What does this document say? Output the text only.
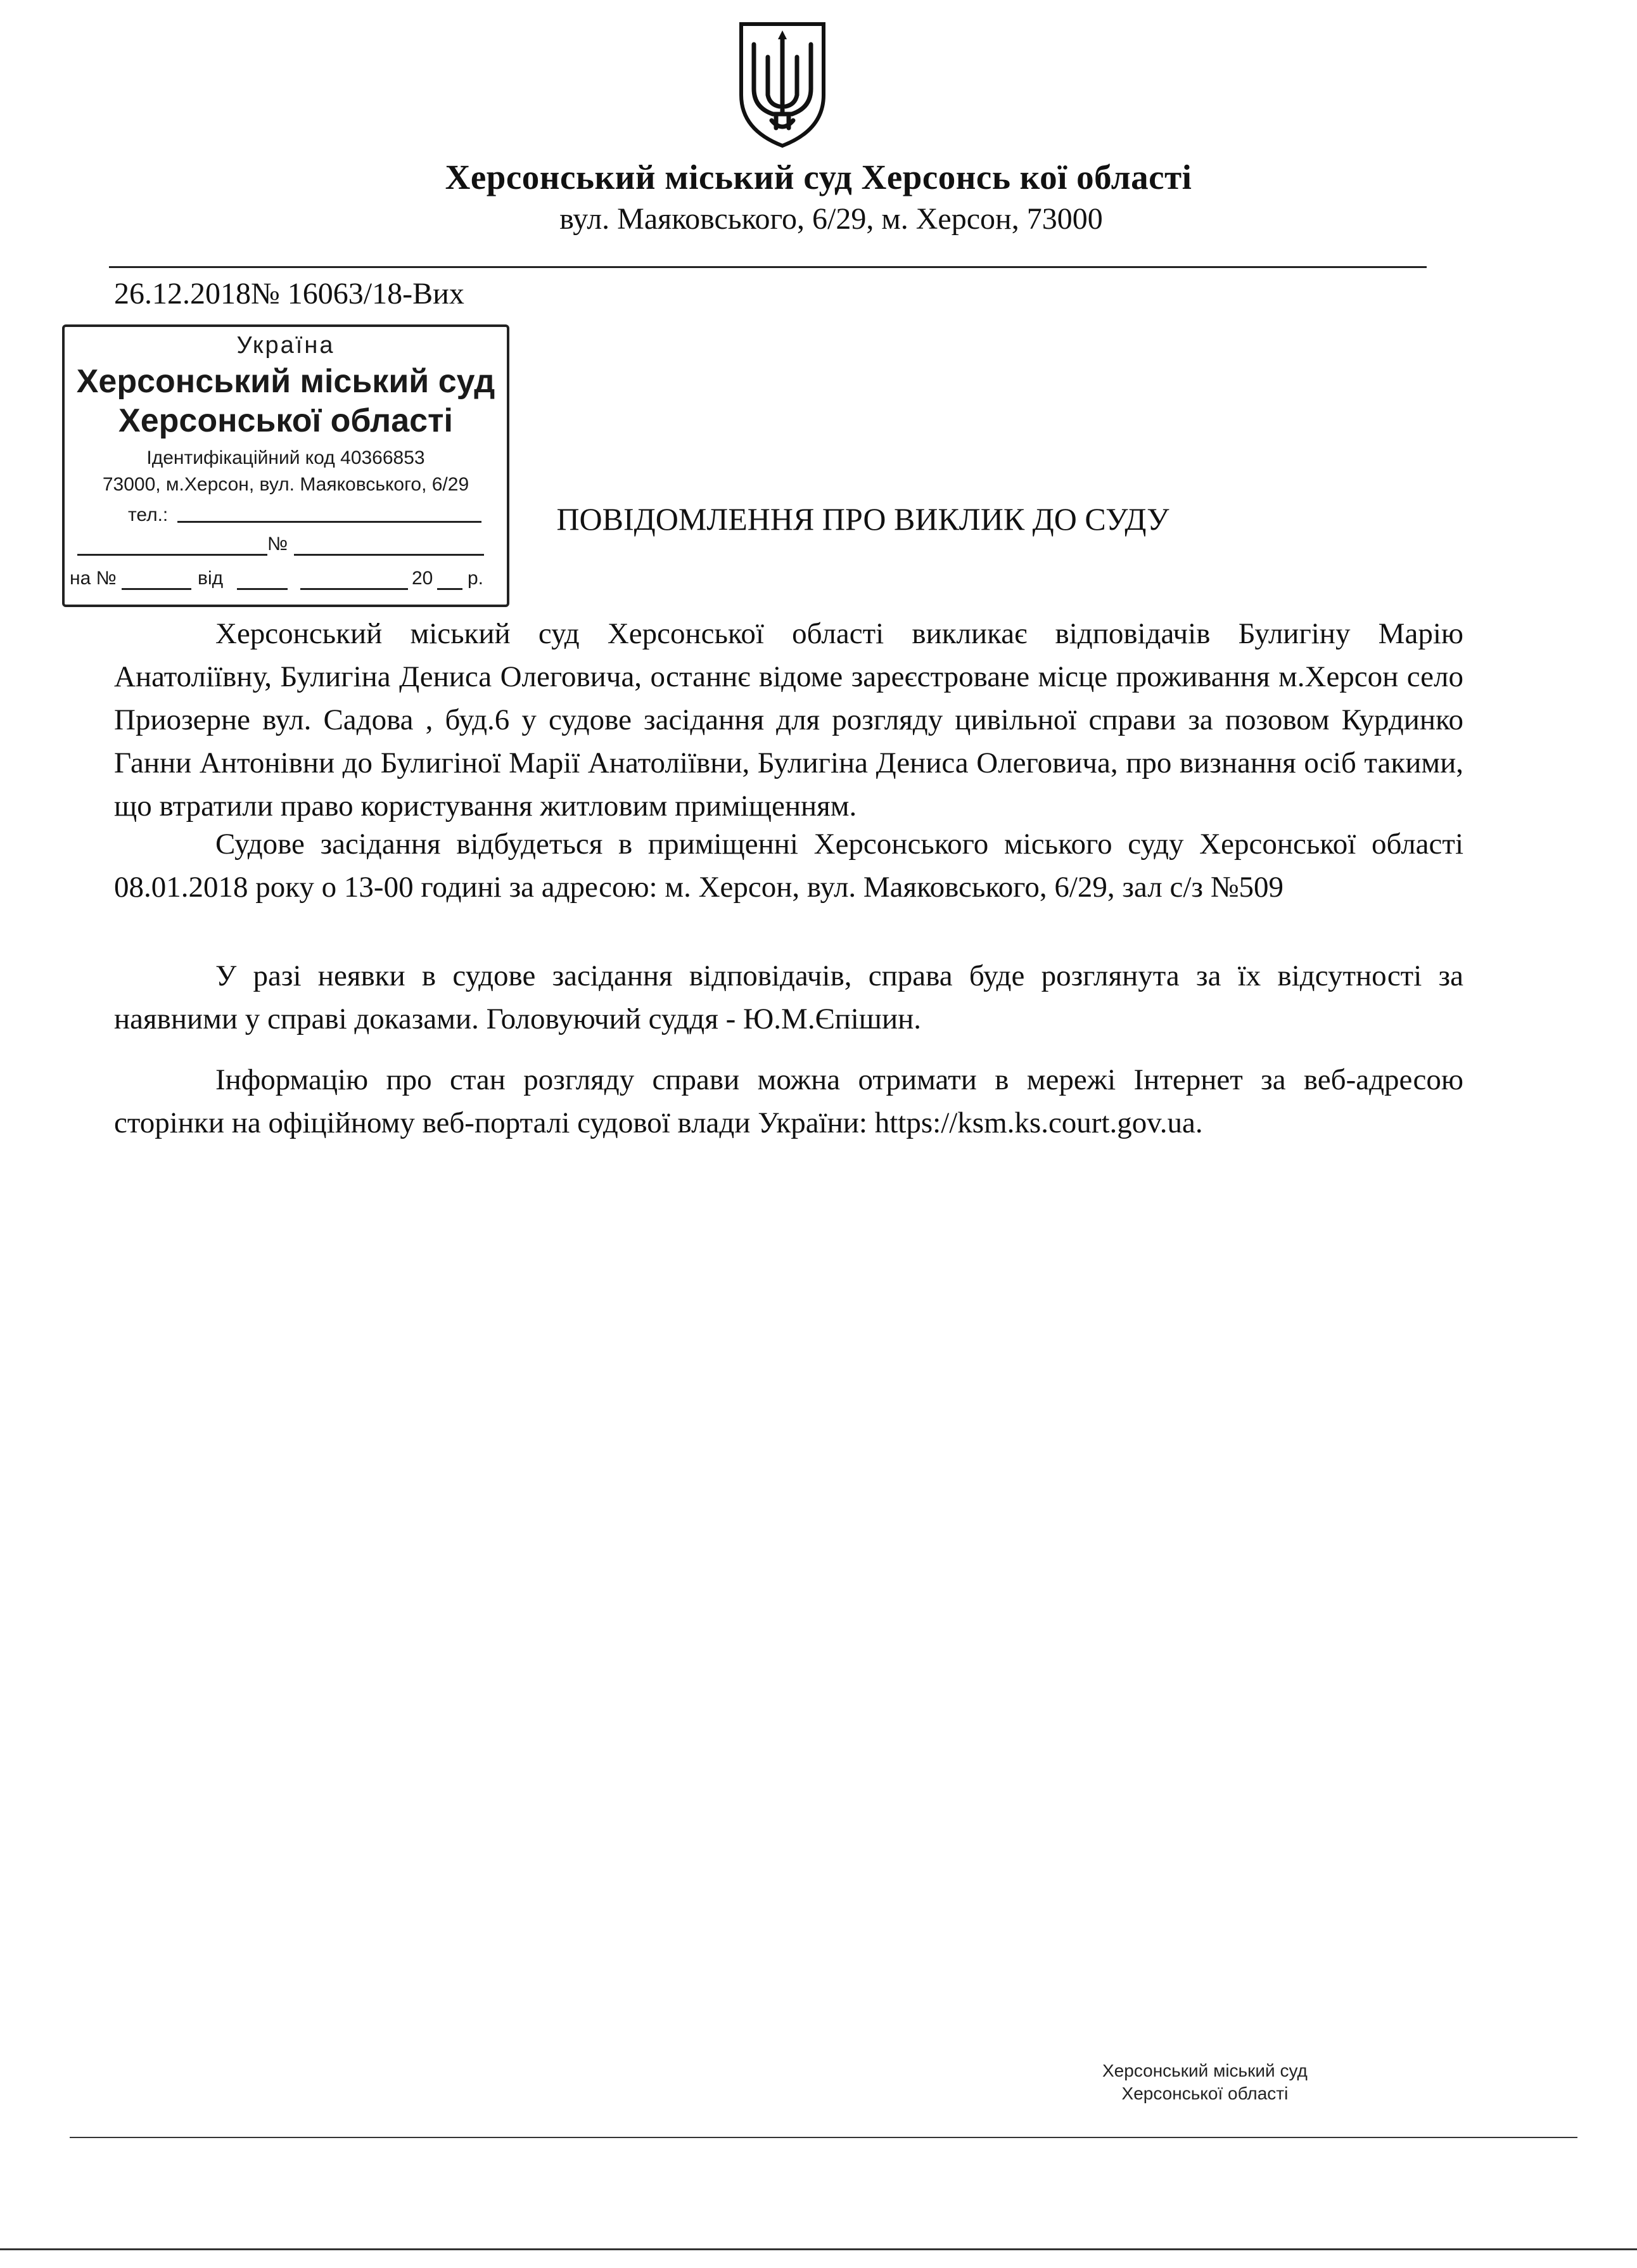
Херсонський міський суд Херсонсь кої області
вул. Маяковського, 6/29, м. Херсон, 73000
26.12.2018№ 16063/18-Вих
Україна
Херсонський міський суд
Херсонської області
Ідентифікаційний код 40366853
73000, м.Херсон, вул. Маяковського, 6/29
тел.:
№
на №	від	20 р.
ПОВІДОМЛЕННЯ ПРО ВИКЛИК ДО СУДУ

Херсонський міський суд Херсонської області викликає відповідачів Булигіну Марію Анатоліївну, Булигіна Дениса Олеговича, останнє відоме зареєстроване місце проживання м.Херсон село Приозерне вул. Садова , буд.6 у судове засідання для розгляду цивільної справи за позовом Курдинко Ганни Антонівни до Булигіної Марії Анатоліївни, Булигіна Дениса Олеговича, про визнання осіб такими, що втратили право користування житловим приміщенням.

Судове засідання відбудеться в приміщенні Херсонського міського суду Херсонської області 08.01.2018 року о 13-00 годині за адресою: м. Херсон, вул. Маяковського, 6/29, зал с/з №509

У разі неявки в судове засідання відповідачів, справа буде розглянута за їх відсутності за наявними у справі доказами. Головуючий суддя - Ю.М.Єпішин.

Інформацію про стан розгляду справи можна отримати в мережі Інтернет за веб-адресою сторінки на офіційному веб-порталі судової влади України: https://ksm.ks.court.gov.ua.

Херсонський міський суд
Херсонської області
